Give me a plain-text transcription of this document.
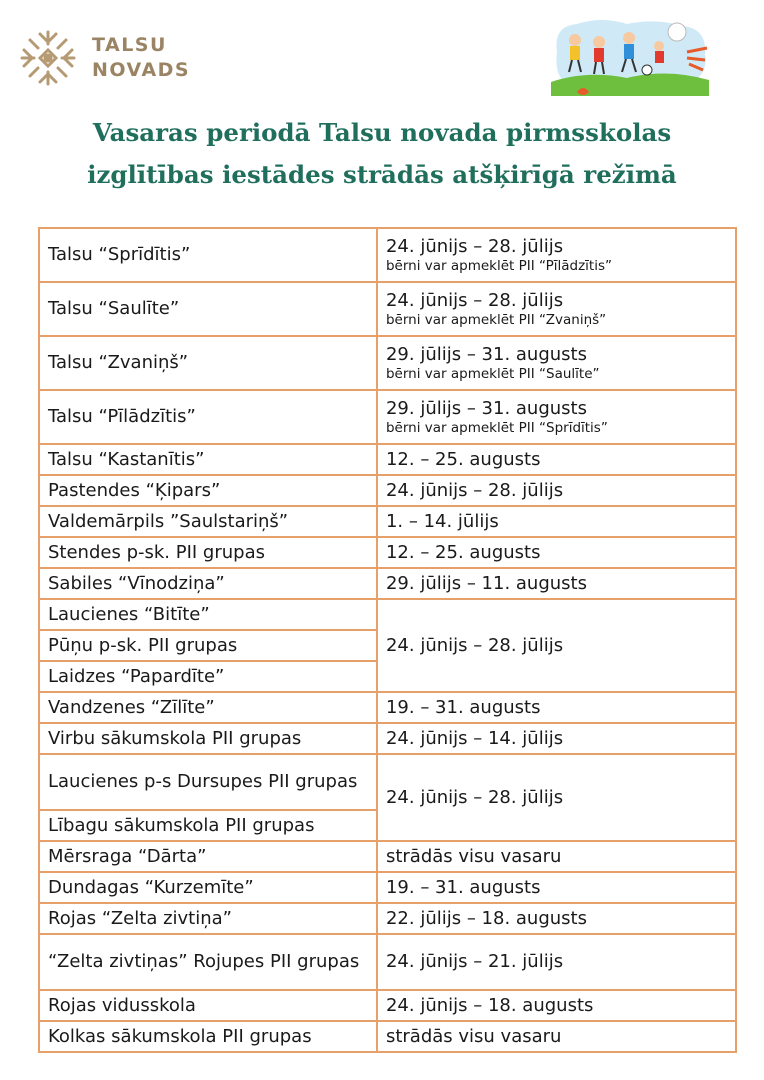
TALSU
NOVADS
Vasaras periodā Talsu novada pirmsskolas
izglītības iestādes strādās atšķirīgā režīmā
Talsu “Sprīdītis”	24. jūnijs – 28. jūlijs
bērni var apmeklēt PII “Pīlādzītis”

Talsu “Saulīte”	24. jūnijs – 28. jūlijs
bērni var apmeklēt PII “Zvaniņš”

Talsu “Zvaniņš”	29. jūlijs – 31. augusts
bērni var apmeklēt PII “Saulīte”

Talsu “Pīlādzītis”	29. jūlijs – 31. augusts
bērni var apmeklēt PII “Sprīdītis”

Talsu “Kastanītis”	12. – 25. augusts
Pastendes “Ķipars”	24. jūnijs – 28. jūlijs
Valdemārpils ”Saulstariņš”	1. – 14. jūlijs
Stendes p-sk. PII grupas	12. – 25. augusts
Sabiles “Vīnodziņa”	29. jūlijs – 11. augusts
Laucienes “Bitīte”	24. jūnijs – 28. jūlijs
Pūņu p-sk. PII grupas	
Laidzes “Papardīte”	
Vandzenes “Zīlīte”	19. – 31. augusts
Virbu sākumskola PII grupas	24. jūnijs – 14. jūlijs
Laucienes p-s Dursupes PII grupas	24. jūnijs – 28. jūlijs
Lībagu sākumskola PII grupas	
Mērsraga “Dārta”	strādās visu vasaru
Dundagas “Kurzemīte”	19. – 31. augusts
Rojas “Zelta zivtiņa”	22. jūlijs – 18. augusts
“Zelta zivtiņas” Rojupes PII grupas	24. jūnijs – 21. jūlijs
Rojas vidusskola	24. jūnijs – 18. augusts
Kolkas sākumskola PII grupas	strādās visu vasaru
